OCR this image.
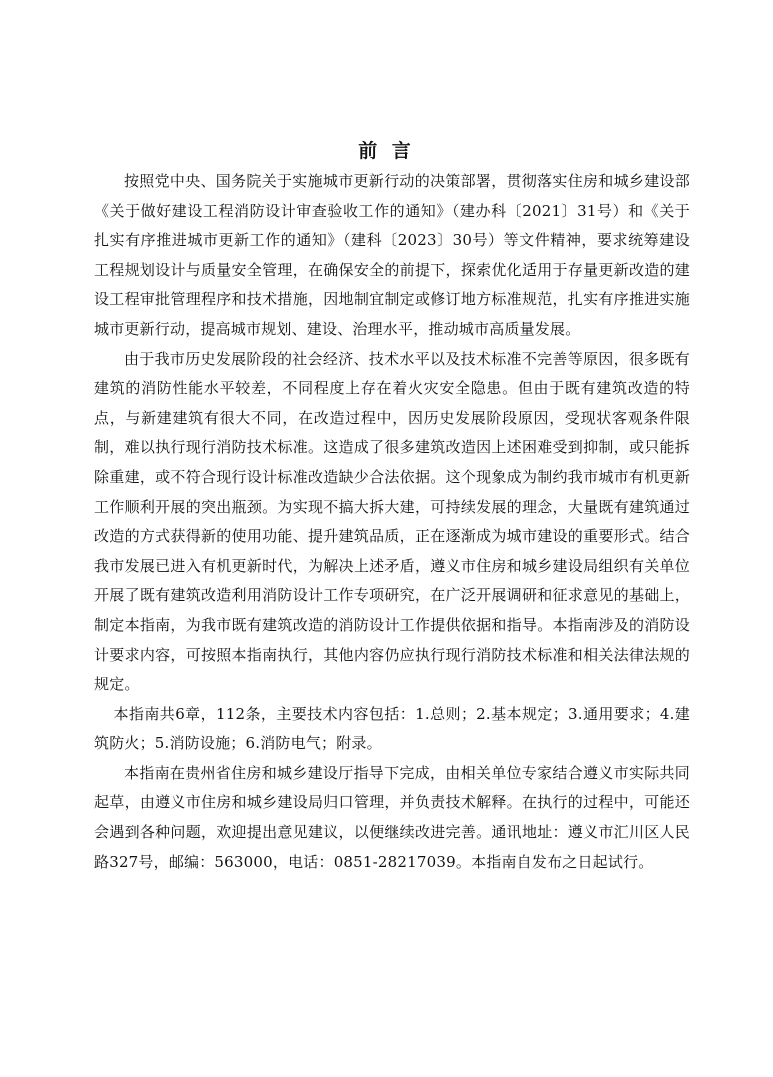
前 言

按照党中央、国务院关于实施城市更新行动的决策部署，贯彻落实住房和城乡建设部《关于做好建设工程消防设计审查验收工作的通知》（建办科〔2021〕31号）和《关于扎实有序推进城市更新工作的通知》（建科〔2023〕30号）等文件精神，要求统筹建设工程规划设计与质量安全管理，在确保安全的前提下，探索优化适用于存量更新改造的建设工程审批管理程序和技术措施，因地制宜制定或修订地方标准规范，扎实有序推进实施城市更新行动，提高城市规划、建设、治理水平，推动城市高质量发展。

由于我市历史发展阶段的社会经济、技术水平以及技术标准不完善等原因，很多既有建筑的消防性能水平较差，不同程度上存在着火灾安全隐患。但由于既有建筑改造的特点，与新建建筑有很大不同，在改造过程中，因历史发展阶段原因，受现状客观条件限制，难以执行现行消防技术标准。这造成了很多建筑改造因上述困难受到抑制，或只能拆除重建，或不符合现行设计标准改造缺少合法依据。这个现象成为制约我市城市有机更新工作顺利开展的突出瓶颈。为实现不搞大拆大建，可持续发展的理念，大量既有建筑通过改造的方式获得新的使用功能、提升建筑品质，正在逐渐成为城市建设的重要形式。结合我市发展已进入有机更新时代，为解决上述矛盾，遵义市住房和城乡建设局组织有关单位开展了既有建筑改造利用消防设计工作专项研究，在广泛开展调研和征求意见的基础上，制定本指南，为我市既有建筑改造的消防设计工作提供依据和指导。本指南涉及的消防设计要求内容，可按照本指南执行，其他内容仍应执行现行消防技术标准和相关法律法规的规定。

本指南共6章，112条，主要技术内容包括：1.总则；2.基本规定；3.通用要求；4.建筑防火；5.消防设施；6.消防电气；附录。

本指南在贵州省住房和城乡建设厅指导下完成，由相关单位专家结合遵义市实际共同起草，由遵义市住房和城乡建设局归口管理，并负责技术解释。在执行的过程中，可能还会遇到各种问题，欢迎提出意见建议，以便继续改进完善。通讯地址：遵义市汇川区人民路327号，邮编：563000，电话：0851-28217039。本指南自发布之日起试行。
